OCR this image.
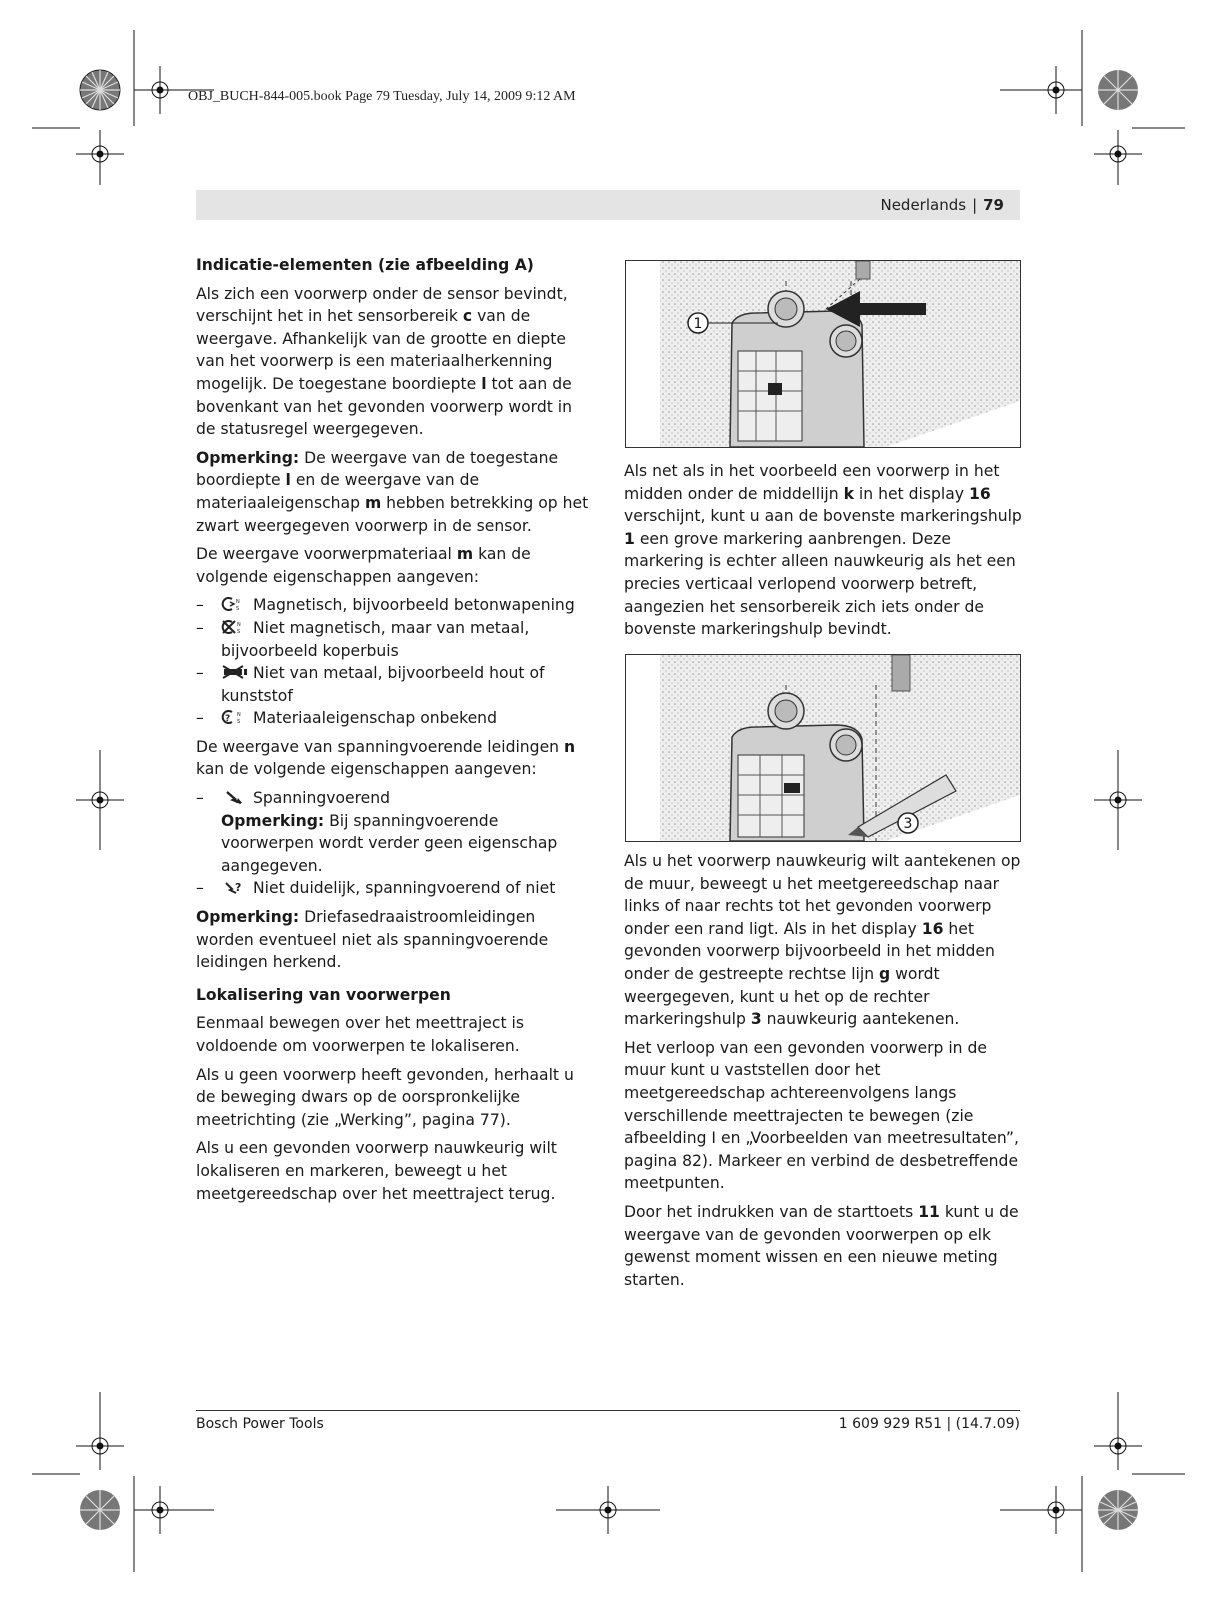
OBJ_BUCH-844-005.book Page 79 Tuesday, July 14, 2009 9:12 AM
Nederlands | 79
Indicatie-elementen (zie afbeelding A)

Als zich een voorwerp onder de sensor bevindt, verschijnt het in het sensorbereik c van de weergave. Afhankelijk van de grootte en diepte van het voorwerp is een materiaalherkenning mogelijk. De toegestane boordiepte l tot aan de bovenkant van het gevonden voorwerp wordt in de statusregel weergegeven.

Opmerking: De weergave van de toegestane boordiepte l en de weergave van de materiaaleigenschap m hebben betrekking op het zwart weergegeven voorwerp in de sensor.

De weergave voorwerpmateriaal m kan de volgende eigenschappen aangeven:

– N
S Magnetisch, bijvoorbeeld betonwapening
– N
S Niet magnetisch, maar van metaal, bijvoorbeeld koperbuis
– Niet van metaal, bijvoorbeeld hout of kunststof
– ? N
S Materiaaleigenschap onbekend

De weergave van spanningvoerende leidingen n kan de volgende eigenschappen aangeven:

– Spanningvoerend
Opmerking: Bij spanningvoerende voorwerpen wordt verder geen eigenschap aangegeven.
– ? Niet duidelijk, spanningvoerend of niet

Opmerking: Driefasedraaistroomleidingen worden eventueel niet als spanningvoerende leidingen herkend.

Lokalisering van voorwerpen

Eenmaal bewegen over het meettraject is voldoende om voorwerpen te lokaliseren.

Als u geen voorwerp heeft gevonden, herhaalt u de beweging dwars op de oorspronkelijke meetrichting (zie „Werking”, pagina 77).

Als u een gevonden voorwerp nauwkeurig wilt lokaliseren en markeren, beweegt u het meetgereedschap over het meettraject terug.

1
3

Als net als in het voorbeeld een voorwerp in het midden onder de middellijn k in het display 16 verschijnt, kunt u aan de bovenste markeringshulp 1 een grove markering aanbrengen. Deze markering is echter alleen nauwkeurig als het een precies verticaal verlopend voorwerp betreft, aangezien het sensorbereik zich iets onder de bovenste markeringshulp bevindt.

Als u het voorwerp nauwkeurig wilt aantekenen op de muur, beweegt u het meetgereedschap naar links of naar rechts tot het gevonden voorwerp onder een rand ligt. Als in het display 16 het gevonden voorwerp bijvoorbeeld in het midden onder de gestreepte rechtse lijn g wordt weergegeven, kunt u het op de rechter markeringshulp 3 nauwkeurig aantekenen.

Het verloop van een gevonden voorwerp in de muur kunt u vaststellen door het meetgereedschap achtereenvolgens langs verschillende meettrajecten te bewegen (zie afbeelding I en „Voorbeelden van meetresultaten”, pagina 82). Markeer en verbind de desbetreffende meetpunten.

Door het indrukken van de starttoets 11 kunt u de weergave van de gevonden voorwerpen op elk gewenst moment wissen en een nieuwe meting starten.

Bosch Power Tools	1 609 929 R51 | (14.7.09)
